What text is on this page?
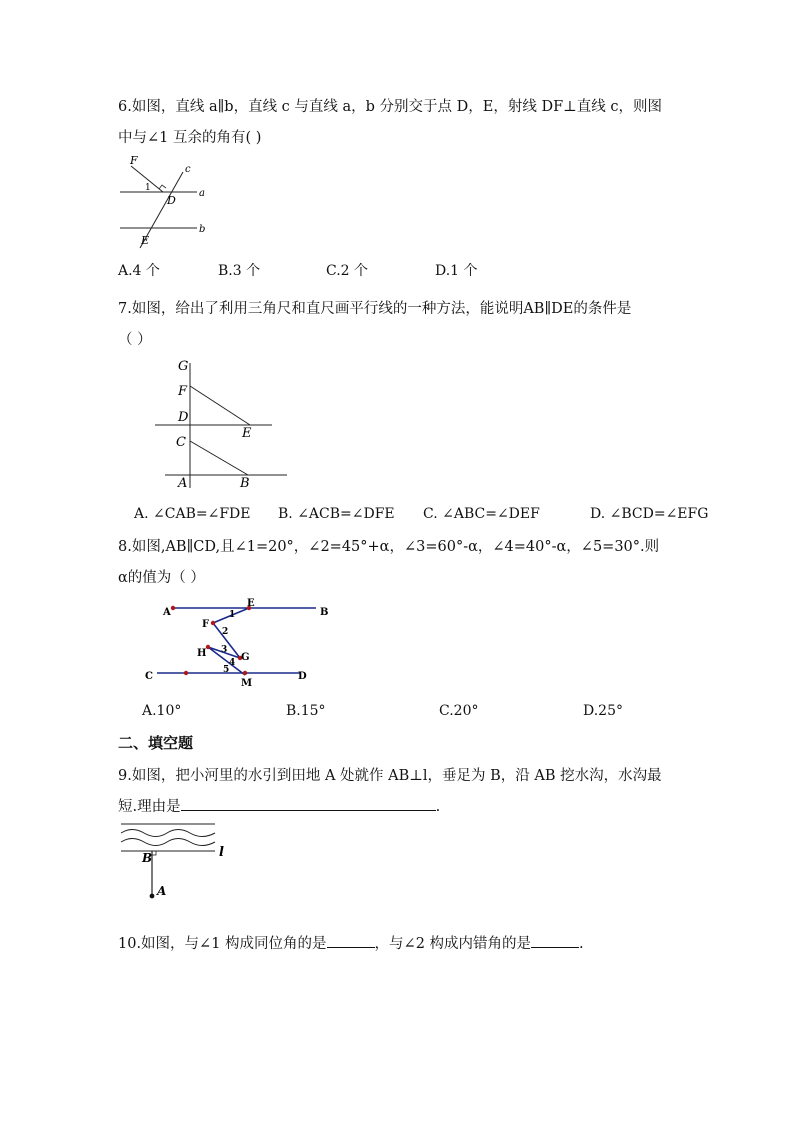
6.如图，直线 a∥b，直线 c 与直线 a，b 分别交于点 D，E，射线 DF⊥直线 c，则图
中与∠1 互余的角有( )
F
c
1
D
a
b
E
A.4 个	B.3 个	C.2 个	D.1 个
7.如图，给出了利用三角尺和直尺画平行线的一种方法，能说明AB∥DE的条件是
（ ）
G
F
D
E
C
A	B
A. ∠CAB=∠FDE B. ∠ACB=∠DFE C. ∠ABC=∠DEF	D. ∠BCD=∠EFG
8.如图,AB∥CD,且∠1=20°，∠2=45°+α，∠3=60°-α，∠4=40°-α，∠5=30°.则
α的值为（ ）
A
E
B
F
H	G
C
M
D
1
2
3
4
5
A.10°	B.15°	C.20°	D.25°
二、填空题
9.如图，把小河里的水引到田地 A 处就作 AB⊥l，垂足为 B，沿 AB 挖水沟，水沟最
短.理由是	.
B	l
A
10.如图，与∠1 构成同位角的是	，与∠2 构成内错角的是	.
